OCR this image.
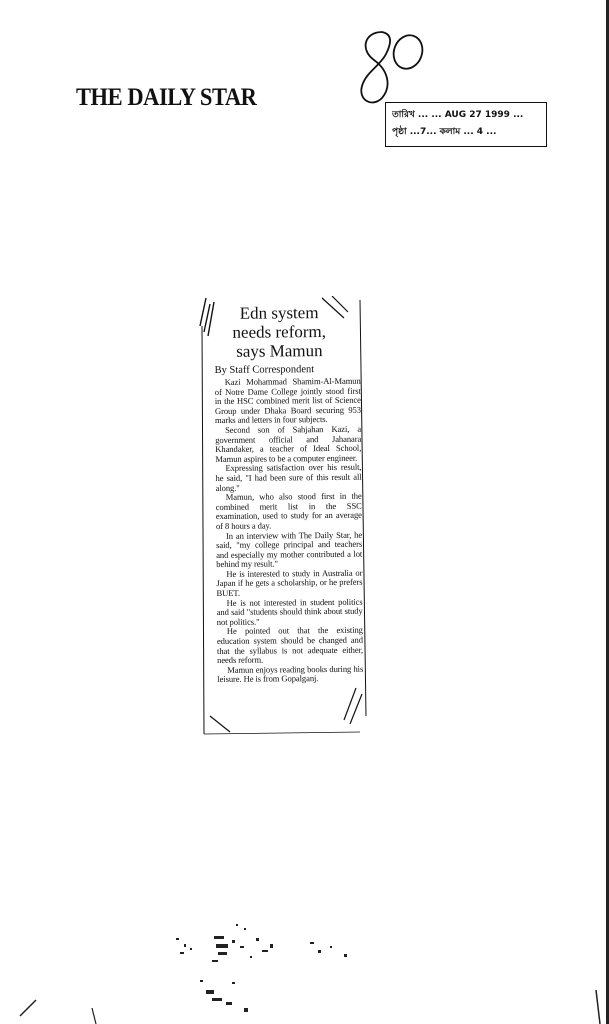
THE DAILY STAR
তারিখ ... ... AUG 27 1999 ...
পৃষ্ঠা ...7... কলাম ... 4 ...
Edn system
needs reform,
says Mamun
By Staff Correspondent

Kazi Mohammad Shamim-Al-Mamun of Notre Dame College jointly stood first in the HSC combined merit list of Science Group under Dhaka Board securing 953 marks and letters in four subjects.

Second son of Sahjahan Kazi, a government official and Jahanara Khandaker, a teacher of Ideal School, Mamun aspires to be a computer engineer.

Expressing satisfaction over his result, he said, "I had been sure of this result all along."

Mamun, who also stood first in the combined merit list in the SSC examination, used to study for an average of 8 hours a day.

In an interview with The Daily Star, he said, "my college principal and teachers and especially my mother contributed a lot behind my result."

He is interested to study in Australia or Japan if he gets a scholarship, or he prefers BUET.

He is not interested in student politics and said "students should think about study not politics."

He pointed out that the existing education system should be changed and that the syllabus is not adequate either, needs reform.

Mamun enjoys reading books during his leisure. He is from Gopalganj.
